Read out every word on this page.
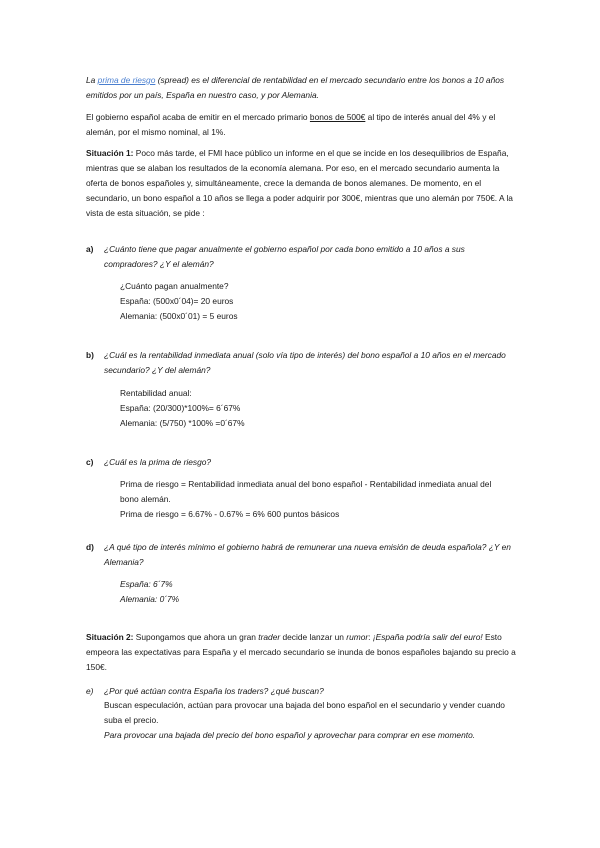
La prima de riesgo (spread) es el diferencial de rentabilidad en el mercado secundario entre los bonos a 10 años emitidos por un país, España en nuestro caso, y por Alemania.

El gobierno español acaba de emitir en el mercado primario bonos de 500€ al tipo de interés anual del 4% y el alemán, por el mismo nominal, al 1%.

Situación 1: Poco más tarde, el FMI hace público un informe en el que se incide en los desequilibrios de España, mientras que se alaban los resultados de la economía alemana. Por eso, en el mercado secundario aumenta la oferta de bonos españoles y, simultáneamente, crece la demanda de bonos alemanes. De momento, en el secundario, un bono español a 10 años se llega a poder adquirir por 300€, mientras que uno alemán por 750€. A la vista de esta situación, se pide :

a) ¿Cuánto tiene que pagar anualmente el gobierno español por cada bono emitido a 10 años a sus compradores? ¿Y el alemán?
¿Cuánto pagan anualmente?
España: (500x0´04)= 20 euros
Alemania: (500x0´01) = 5 euros
b) ¿Cuál es la rentabilidad inmediata anual (solo vía tipo de interés) del bono español a 10 años en el mercado secundario? ¿Y del alemán?
Rentabilidad anual:
España: (20/300)*100%= 6´67%
Alemania: (5/750) *100% =0´67%
c) ¿Cuál es la prima de riesgo?
Prima de riesgo = Rentabilidad inmediata anual del bono español - Rentabilidad inmediata anual del bono alemán.
Prima de riesgo = 6.67% - 0.67% = 6% 600 puntos básicos
d) ¿A qué tipo de interés mínimo el gobierno habrá de remunerar una nueva emisión de deuda española? ¿Y en Alemania?
España: 6´7%
Alemania: 0´7%

Situación 2: Supongamos que ahora un gran trader decide lanzar un rumor: ¡España podría salir del euro! Esto empeora las expectativas para España y el mercado secundario se inunda de bonos españoles bajando su precio a 150€.

e) ¿Por qué actúan contra España los traders? ¿qué buscan?
Buscan especulación, actúan para provocar una bajada del bono español en el secundario y vender cuando suba el precio.
Para provocar una bajada del precio del bono español y aprovechar para comprar en ese momento.
